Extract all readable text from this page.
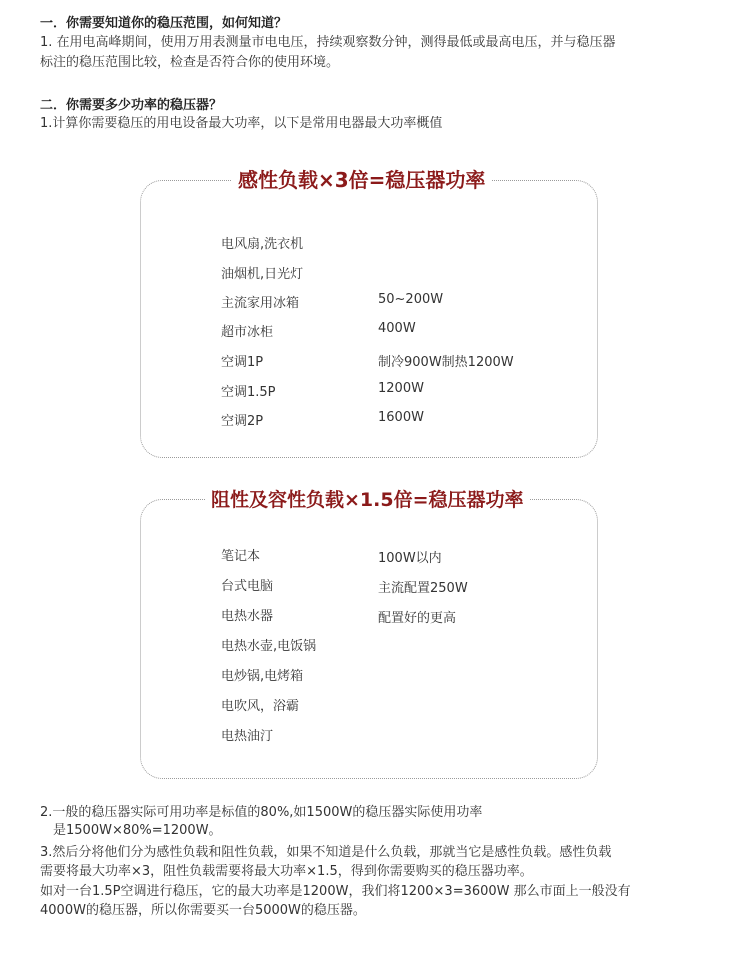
一．你需要知道你的稳压范围，如何知道？
1. 在用电高峰期间，使用万用表测量市电电压，持续观察数分钟，测得最低或最高电压，并与稳压器
标注的稳压范围比较，检查是否符合你的使用环境。
二．你需要多少功率的稳压器？
1.计算你需要稳压的用电设备最大功率，以下是常用电器最大功率概值
感性负载×3倍=稳压器功率
电风扇,洗衣机
油烟机,日光灯
主流家用冰箱	50~200W
超市冰柜	400W
空调1P	制冷900W制热1200W
空调1.5P	1200W
空调2P	1600W
阻性及容性负载×1.5倍=稳压器功率
笔记本	100W以内
台式电脑	主流配置250W
电热水器	配置好的更高
电热水壶,电饭锅
电炒锅,电烤箱
电吹风，浴霸
电热油汀
2.一般的稳压器实际可用功率是标值的80%,如1500W的稳压器实际使用功率
是1500W×80%=1200W。
3.然后分将他们分为感性负载和阻性负载，如果不知道是什么负载，那就当它是感性负载。感性负载
需要将最大功率×3，阻性负载需要将最大功率×1.5，得到你需要购买的稳压器功率。
如对一台1.5P空调进行稳压，它的最大功率是1200W，我们将1200×3=3600W 那么市面上一般没有
4000W的稳压器，所以你需要买一台5000W的稳压器。
